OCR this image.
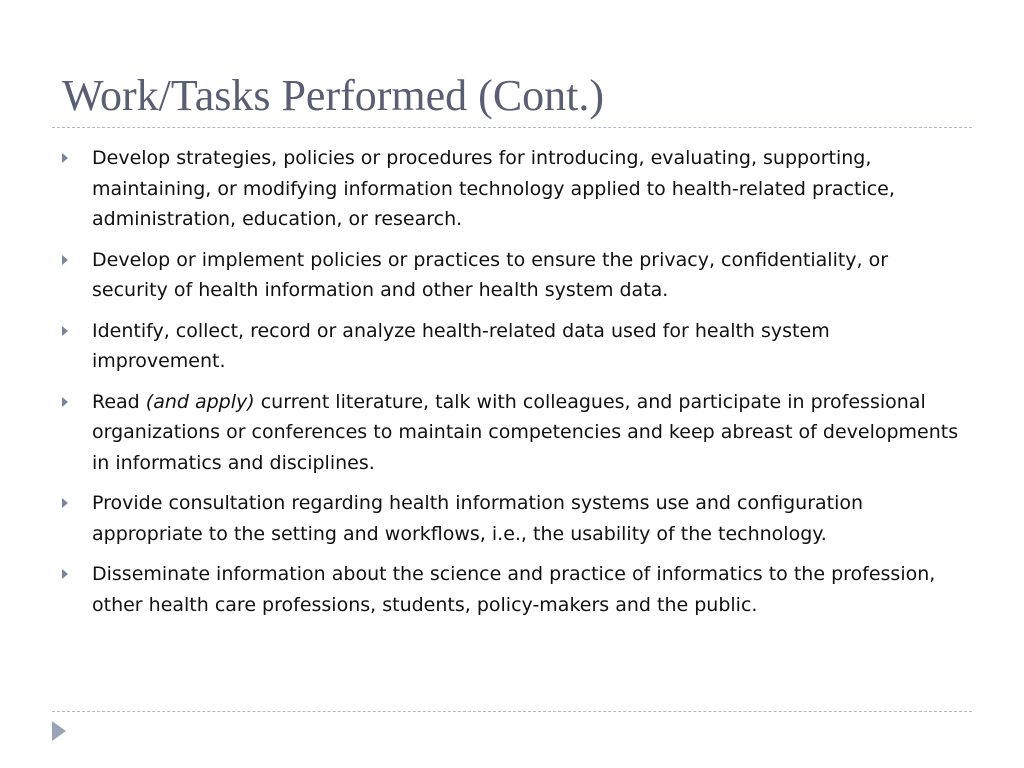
Work/Tasks Performed (Cont.)
Develop strategies, policies or procedures for introducing, evaluating, supporting, maintaining, or modifying information technology applied to health-related practice, administration, education, or research.
Develop or implement policies or practices to ensure the privacy, confidentiality, or security of health information and other health system data.
Identify, collect, record or analyze health-related data used for health system improvement.
Read (and apply) current literature, talk with colleagues, and participate in professional organizations or conferences to maintain competencies and keep abreast of developments in informatics and disciplines.
Provide consultation regarding health information systems use and configuration appropriate to the setting and workflows, i.e., the usability of the technology.
Disseminate information about the science and practice of informatics to the profession, other health care professions, students, policy-makers and the public.
